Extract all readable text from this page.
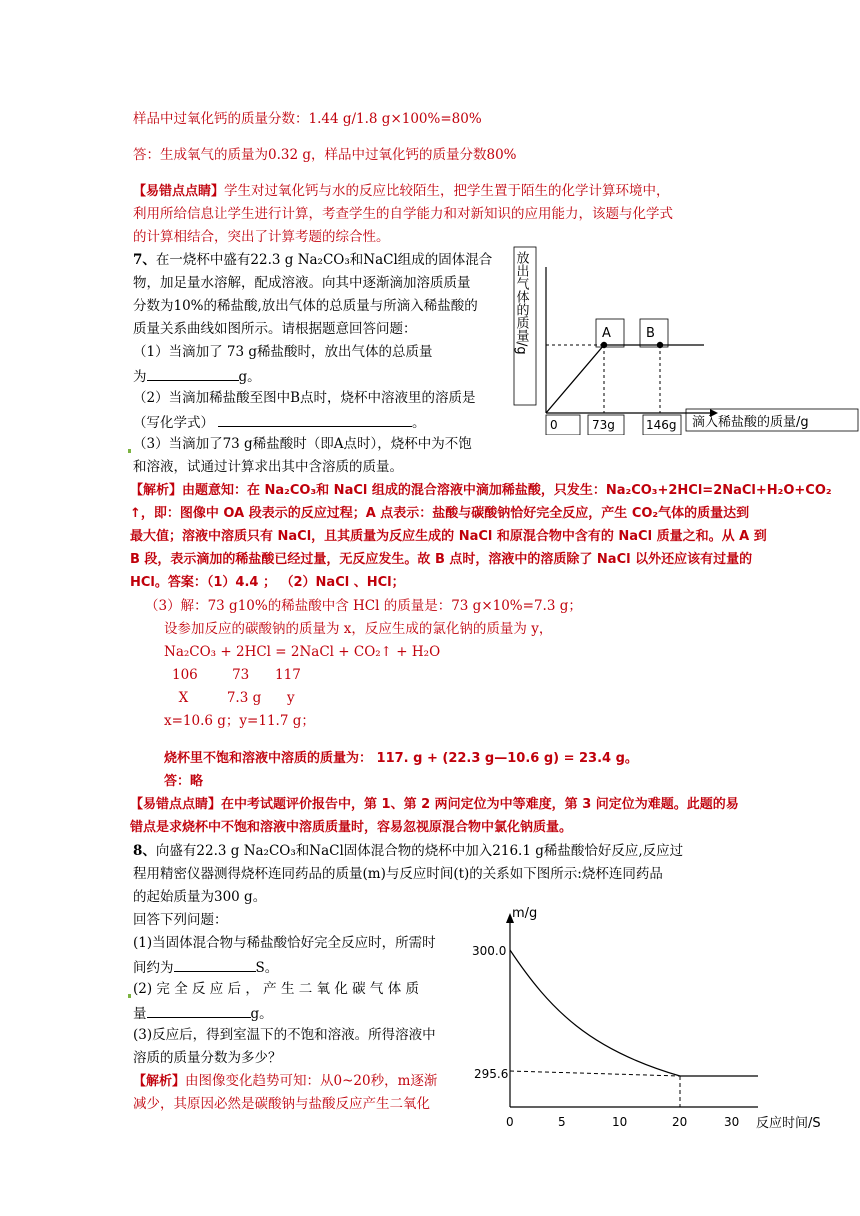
样品中过氧化钙的质量分数：1.44 g/1.8 g×100%=80%
答：生成氧气的质量为0.32 g，样品中过氧化钙的质量分数80%
【易错点点睛】学生对过氧化钙与水的反应比较陌生，把学生置于陌生的化学计算环境中，
利用所给信息让学生进行计算，考查学生的自学能力和对新知识的应用能力，该题与化学式
的计算相结合，突出了计算考题的综合性。
7、在一烧杯中盛有22.3 g Na₂CO₃和NaCl组成的固体混合
物，加足量水溶解，配成溶液。向其中逐渐滴加溶质质量
分数为10%的稀盐酸,放出气体的总质量与所滴入稀盐酸的
质量关系曲线如图所示。请根据题意回答问题：
（1）当滴加了 73 g稀盐酸时，放出气体的总质量
为	g。
（2）当滴加稀盐酸至图中B点时，烧杯中溶液里的溶质是
（写化学式）	。
（3）当滴加了73 g稀盐酸时（即A点时），烧杯中为不饱
和溶液，试通过计算求出其中含溶质的质量。
放出气体的质量/g	A	B
0	73g	146g 滴入稀盐酸的质量/g
【解析】由题意知：在 Na₂CO₃和 NaCl 组成的混合溶液中滴加稀盐酸，只发生：Na₂CO₃+2HCl=2NaCl+H₂O+CO₂
↑，即：图像中 OA 段表示的反应过程；A 点表示：盐酸与碳酸钠恰好完全反应，产生 CO₂气体的质量达到
最大值；溶液中溶质只有 NaCl，且其质量为反应生成的 NaCl 和原混合物中含有的 NaCl 质量之和。从 A 到
B 段，表示滴加的稀盐酸已经过量，无反应发生。故 B 点时，溶液中的溶质除了 NaCl 以外还应该有过量的
HCl。答案：（1）4.4 ； （2）NaCl 、HCl；
（3）解：73 g10%的稀盐酸中含 HCl 的质量是：73 g×10%=7.3 g；
设参加反应的碳酸钠的质量为 x，反应生成的氯化钠的质量为 y，
Na₂CO₃ + 2HCl = 2NaCl + CO₂↑ + H₂O
106        73      117
X         7.3 g      y
x=10.6 g；y=11.7 g；
烧杯里不饱和溶液中溶质的质量为： 117. g + (22.3 g—10.6 g) = 23.4 g。
答：略
【易错点点睛】在中考试题评价报告中，第 1、第 2 两问定位为中等难度，第 3 问定位为难题。此题的易
错点是求烧杯中不饱和溶液中溶质质量时，容易忽视原混合物中氯化钠质量。
8、向盛有22.3 g Na₂CO₃和NaCl固体混合物的烧杯中加入216.1 g稀盐酸恰好反应,反应过
程用精密仪器测得烧杯连同药品的质量(m)与反应时间(t)的关系如下图所示:烧杯连同药品
的起始质量为300 g。
回答下列问题：
(1)当固体混合物与稀盐酸恰好完全反应时，所需时
间约为	S。
(2) 完 全 反 应 后 ， 产 生 二 氧 化 碳 气 体 质
量	g。
(3)反应后，得到室温下的不饱和溶液。所得溶液中
溶质的质量分数为多少？
【解析】由图像变化趋势可知：从0~20秒，m逐渐
减少，其原因必然是碳酸钠与盐酸反应产生二氧化
m/g
300.0
295.6
0	5	10	20	30 反应时间/S
